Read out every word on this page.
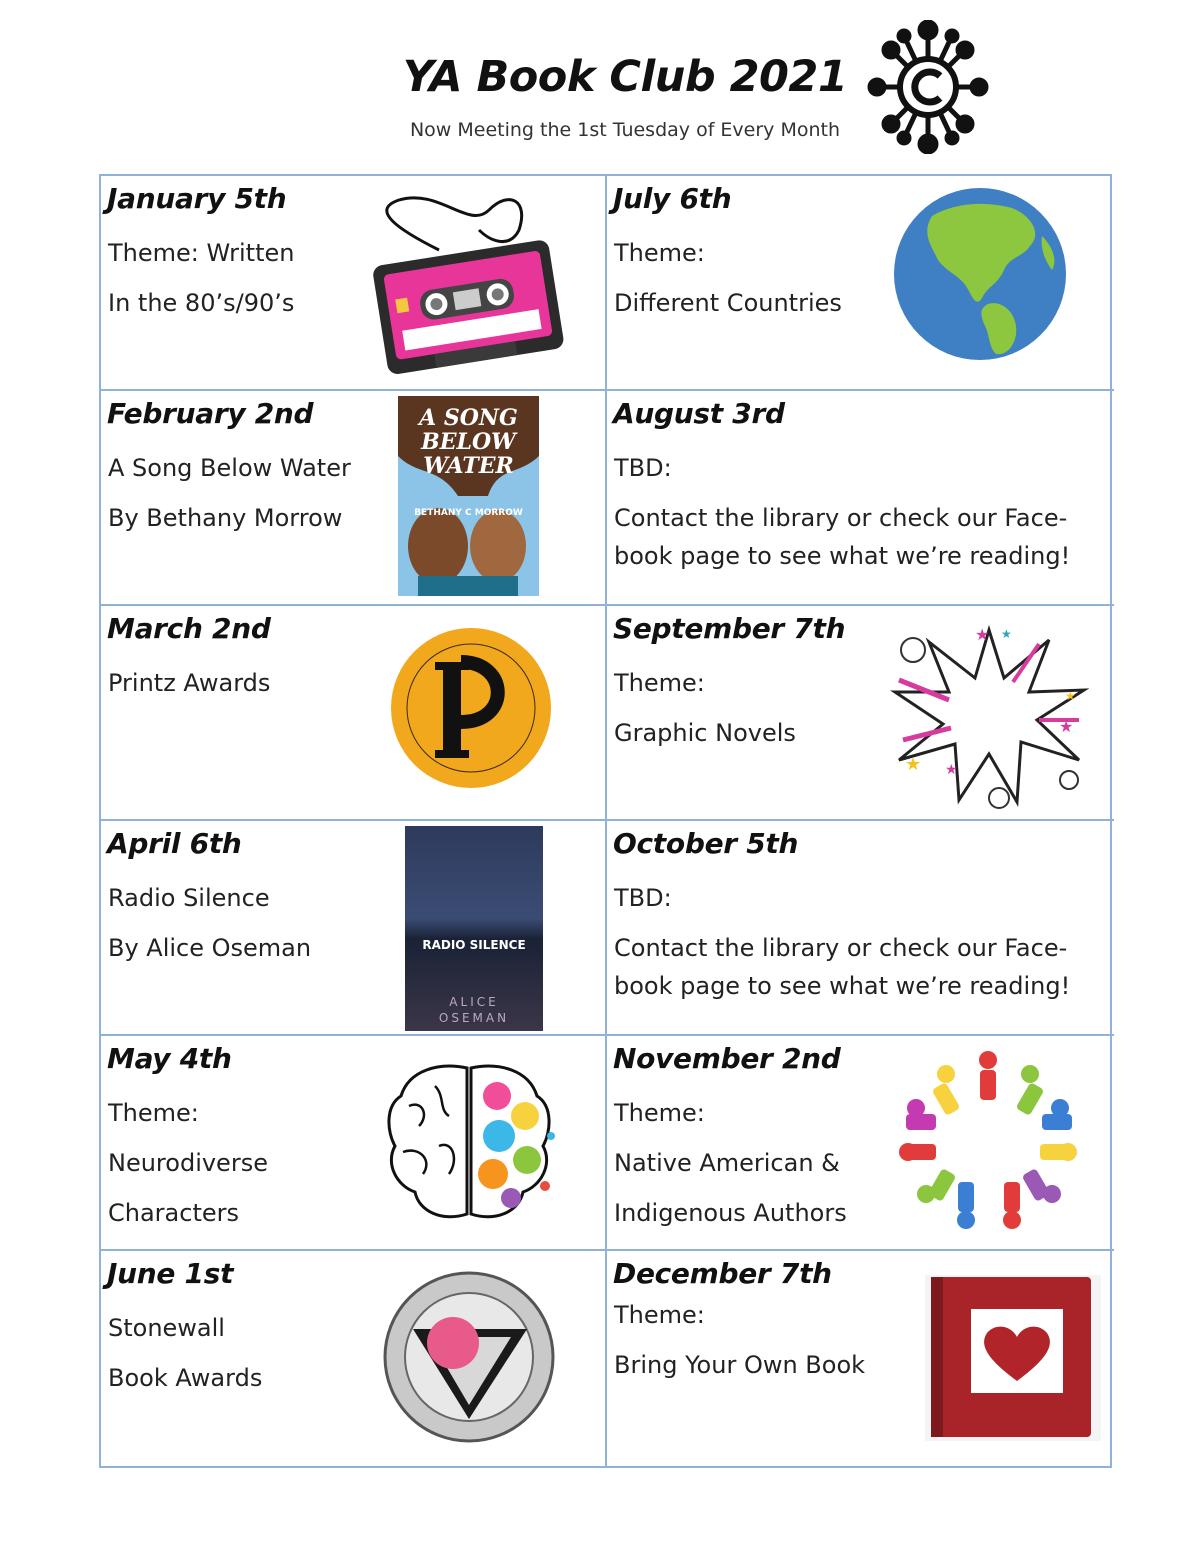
YA Book Club 2021
Now Meeting the 1st Tuesday of Every Month
January 5th
Theme: Written
In the 80’s/90’s
July 6th
Theme:
Different Countries
February 2nd
A Song Below Water
By Bethany Morrow
A SONG BELOW WATER
BETHANY C MORROW
August 3rd
TBD:
Contact the library or check our Face-
book page to see what we’re reading!
March 2nd
Printz Awards
September 7th
Theme:
Graphic Novels
★ ★
★
★
★
★
April 6th
Radio Silence
By Alice Oseman	RADIO SILENCE
ALICE OSEMAN
October 5th
TBD:
Contact the library or check our Face-
book page to see what we’re reading!
May 4th
Theme:
Neurodiverse
Characters
November 2nd
Theme:
Native American &
Indigenous Authors
June 1st
Stonewall
Book Awards
December 7th
Theme:
Bring Your Own Book
